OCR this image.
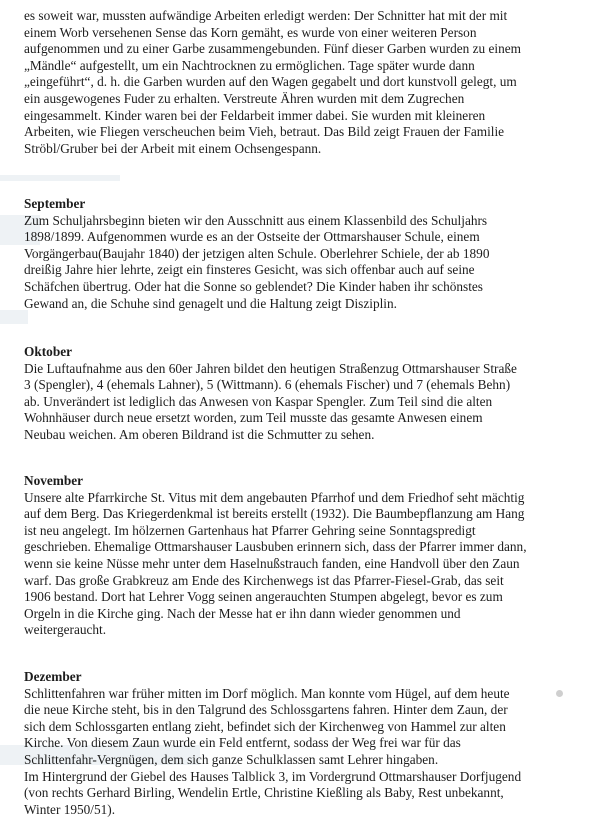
es soweit war, mussten aufwändige Arbeiten erledigt werden: Der Schnitter hat mit der mit
einem Worb versehenen Sense das Korn gemäht, es wurde von einer weiteren Person
aufgenommen und zu einer Garbe zusammengebunden. Fünf dieser Garben wurden zu einem
„Mändle“ aufgestellt, um ein Nachtrocknen zu ermöglichen. Tage später wurde dann
„eingeführt“, d. h. die Garben wurden auf den Wagen gegabelt und dort kunstvoll gelegt, um
ein ausgewogenes Fuder zu erhalten. Verstreute Ähren wurden mit dem Zugrechen
eingesammelt. Kinder waren bei der Feldarbeit immer dabei. Sie wurden mit kleineren
Arbeiten, wie Fliegen verscheuchen beim Vieh, betraut. Das Bild zeigt Frauen der Familie
Ströbl/Gruber bei der Arbeit mit einem Ochsengespann.
September
Zum Schuljahrsbeginn bieten wir den Ausschnitt aus einem Klassenbild des Schuljahrs
1898/1899. Aufgenommen wurde es an der Ostseite der Ottmarshauser Schule, einem
Vorgängerbau(Baujahr 1840) der jetzigen alten Schule. Oberlehrer Schiele, der ab 1890
dreißig Jahre hier lehrte, zeigt ein finsteres Gesicht, was sich offenbar auch auf seine
Schäfchen übertrug. Oder hat die Sonne so geblendet? Die Kinder haben ihr schönstes
Gewand an, die Schuhe sind genagelt und die Haltung zeigt Disziplin.
Oktober
Die Luftaufnahme aus den 60er Jahren bildet den heutigen Straßenzug Ottmarshauser Straße
3 (Spengler), 4 (ehemals Lahner), 5 (Wittmann). 6 (ehemals Fischer) und 7 (ehemals Behn)
ab. Unverändert ist lediglich das Anwesen von Kaspar Spengler. Zum Teil sind die alten
Wohnhäuser durch neue ersetzt worden, zum Teil musste das gesamte Anwesen einem
Neubau weichen. Am oberen Bildrand ist die Schmutter zu sehen.
November
Unsere alte Pfarrkirche St. Vitus mit dem angebauten Pfarrhof und dem Friedhof seht mächtig
auf dem Berg. Das Kriegerdenkmal ist bereits erstellt (1932). Die Baumbepflanzung am Hang
ist neu angelegt. Im hölzernen Gartenhaus hat Pfarrer Gehring seine Sonntagspredigt
geschrieben. Ehemalige Ottmarshauser Lausbuben erinnern sich, dass der Pfarrer immer dann,
wenn sie keine Nüsse mehr unter dem Haselnußstrauch fanden, eine Handvoll über den Zaun
warf. Das große Grabkreuz am Ende des Kirchenwegs ist das Pfarrer-Fiesel-Grab, das seit
1906 bestand. Dort hat Lehrer Vogg seinen angerauchten Stumpen abgelegt, bevor es zum
Orgeln in die Kirche ging. Nach der Messe hat er ihn dann wieder genommen und
weitergeraucht.
Dezember
Schlittenfahren war früher mitten im Dorf möglich. Man konnte vom Hügel, auf dem heute
die neue Kirche steht, bis in den Talgrund des Schlossgartens fahren. Hinter dem Zaun, der
sich dem Schlossgarten entlang zieht, befindet sich der Kirchenweg von Hammel zur alten
Kirche. Von diesem Zaun wurde ein Feld entfernt, sodass der Weg frei war für das
Schlittenfahr-Vergnügen, dem sich ganze Schulklassen samt Lehrer hingaben.
Im Hintergrund der Giebel des Hauses Talblick 3, im Vordergrund Ottmarshauser Dorfjugend
(von rechts Gerhard Birling, Wendelin Ertle, Christine Kießling als Baby, Rest unbekannt,
Winter 1950/51).
